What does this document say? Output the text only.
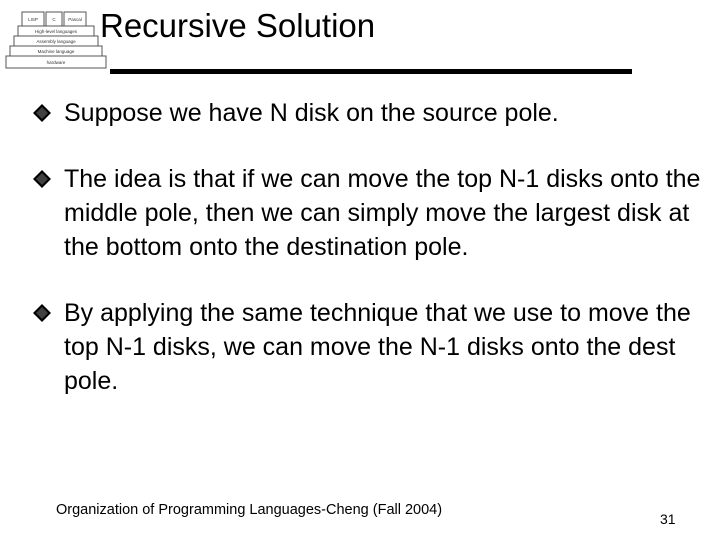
LISP	C	Pascal
High-level languages
Assembly language
Machine language
hardware
Recursive Solution
Suppose we have N disk on the source pole.
The idea is that if we can move the top N-1 disks onto the middle pole, then we can simply move the largest disk at the bottom onto the destination pole.
By applying the same technique that we use to move the top N-1 disks, we can move the N-1 disks onto the dest pole.
Organization of Programming Languages-Cheng (Fall 2004)
31
